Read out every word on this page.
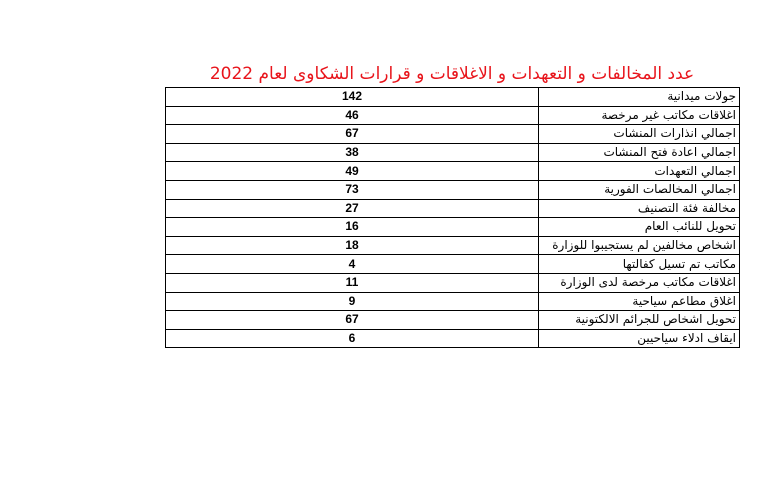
عدد المخالفات و التعهدات و الاغلاقات و قرارات الشكاوى لعام 2022
جولات ميدانية	142
اغلاقات مكاتب غير مرخصة	46
اجمالي انذارات المنشات	67
اجمالي اعادة فتح المنشات	38
اجمالي التعهدات	49
اجمالي المخالصات الفورية	73
مخالفة فئة التصنيف	27
تحويل للنائب العام	16
اشخاص مخالفين لم يستجيبوا للوزارة	18
مكاتب تم تسيل كفالتها	4
اغلاقات مكاتب مرخصة لدى الوزارة	11
اغلاق مطاعم سياحية	9
تحويل اشخاص للجرائم الالكتونية	67
ايقاف ادلاء سياحيين	6
